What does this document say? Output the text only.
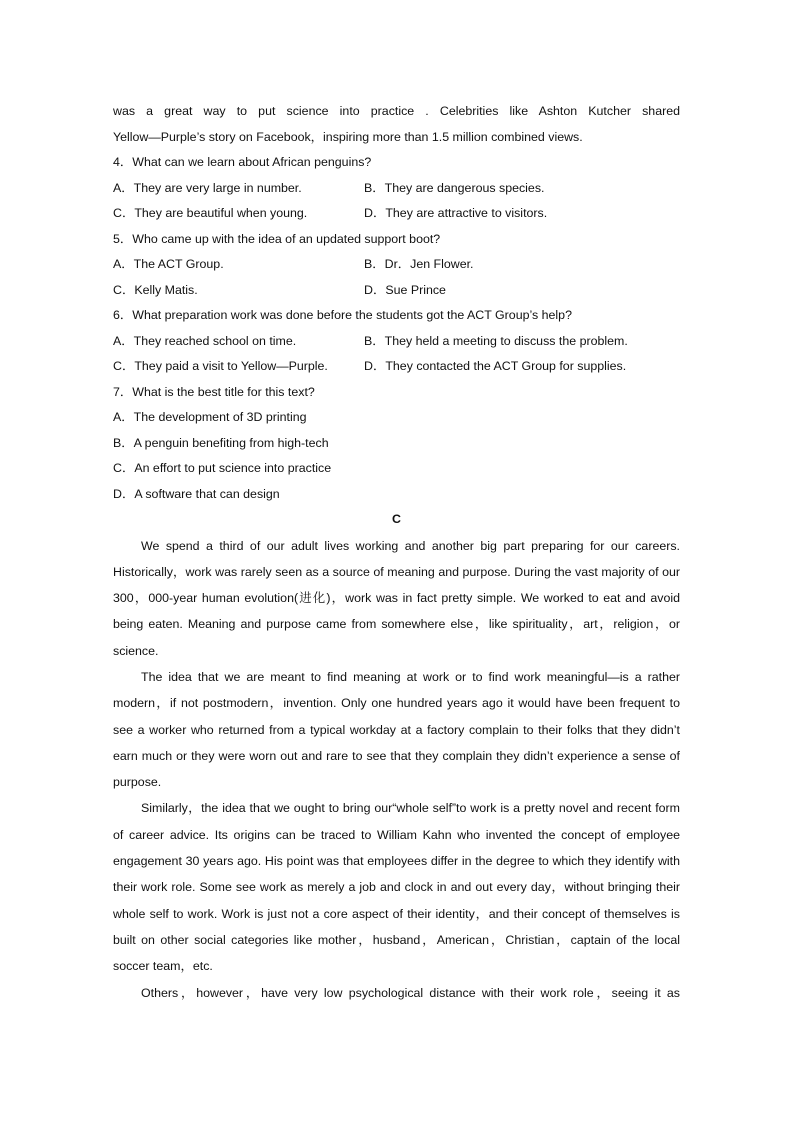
was a great way to put science into practice . Celebrities like Ashton Kutcher shared

Yellow—Purple’s story on Facebook，inspiring more than 1.5 million combined views.

4．What can we learn about African penguins?

A．They are very large in number.	B．They are dangerous species.
C．They are beautiful when young.	D．They are attractive to visitors.

5．Who came up with the idea of an updated support boot?

A．The ACT Group.	B．Dr．Jen Flower.
C．Kelly Matis.	D．Sue Prince

6．What preparation work was done before the students got the ACT Group’s help?

A．They reached school on time.	B．They held a meeting to discuss the problem.
C．They paid a visit to Yellow—Purple.	D．They contacted the ACT Group for supplies.

7．What is the best title for this text?

A．The development of 3D printing

B．A penguin benefiting from high-tech

C．An effort to put science into practice

D．A software that can design

C

We spend a third of our adult lives working and another big part preparing for our careers. Historically，work was rarely seen as a source of meaning and purpose. During the vast majority of our 300，000-year human evolution(进化)，work was in fact pretty simple. We worked to eat and avoid being eaten. Meaning and purpose came from somewhere else，like spirituality，art，religion，or science.

The idea that we are meant to find meaning at work or to find work meaningful—is a rather modern，if not postmodern，invention. Only one hundred years ago it would have been frequent to see a worker who returned from a typical workday at a factory complain to their folks that they didn’t earn much or they were worn out and rare to see that they complain they didn’t experience a sense of purpose.

Similarly，the idea that we ought to bring our“whole self”to work is a pretty novel and recent form of career advice. Its origins can be traced to William Kahn who invented the concept of employee engagement 30 years ago. His point was that employees differ in the degree to which they identify with their work role. Some see work as merely a job and clock in and out every day，without bringing their whole self to work. Work is just not a core aspect of their identity，and their concept of themselves is built on other social categories like mother，husband，American，Christian，captain of the local soccer team，etc.

Others，however，have very low psychological distance with their work role，seeing it as
